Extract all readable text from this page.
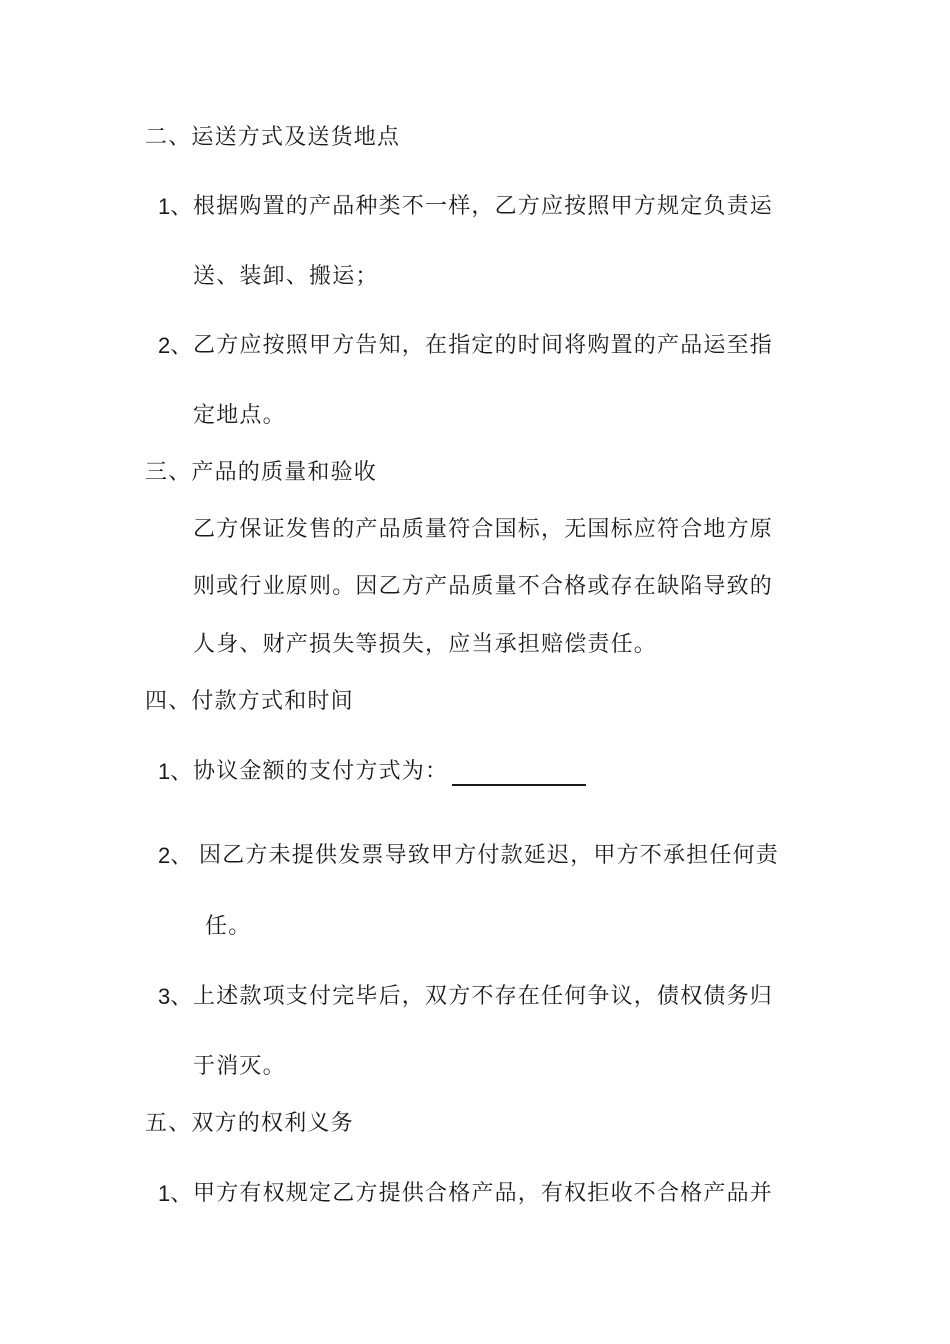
二、运送方式及送货地点
1、 根据购置的产品种类不一样，乙方应按照甲方规定负责运
送、装卸、搬运；
2、 乙方应按照甲方告知，在指定的时间将购置的产品运至指
定地点。
三、产品的质量和验收
乙方保证发售的产品质量符合国标，无国标应符合地方原
则或行业原则。因乙方产品质量不合格或存在缺陷导致的
人身、财产损失等损失，应当承担赔偿责任。
四、付款方式和时间
1、 协议金额的支付方式为：
2、 因乙方未提供发票导致甲方付款延迟，甲方不承担任何责
任。
3、 上述款项支付完毕后，双方不存在任何争议，债权债务归
于消灭。
五、双方的权利义务
1、 甲方有权规定乙方提供合格产品，有权拒收不合格产品并
